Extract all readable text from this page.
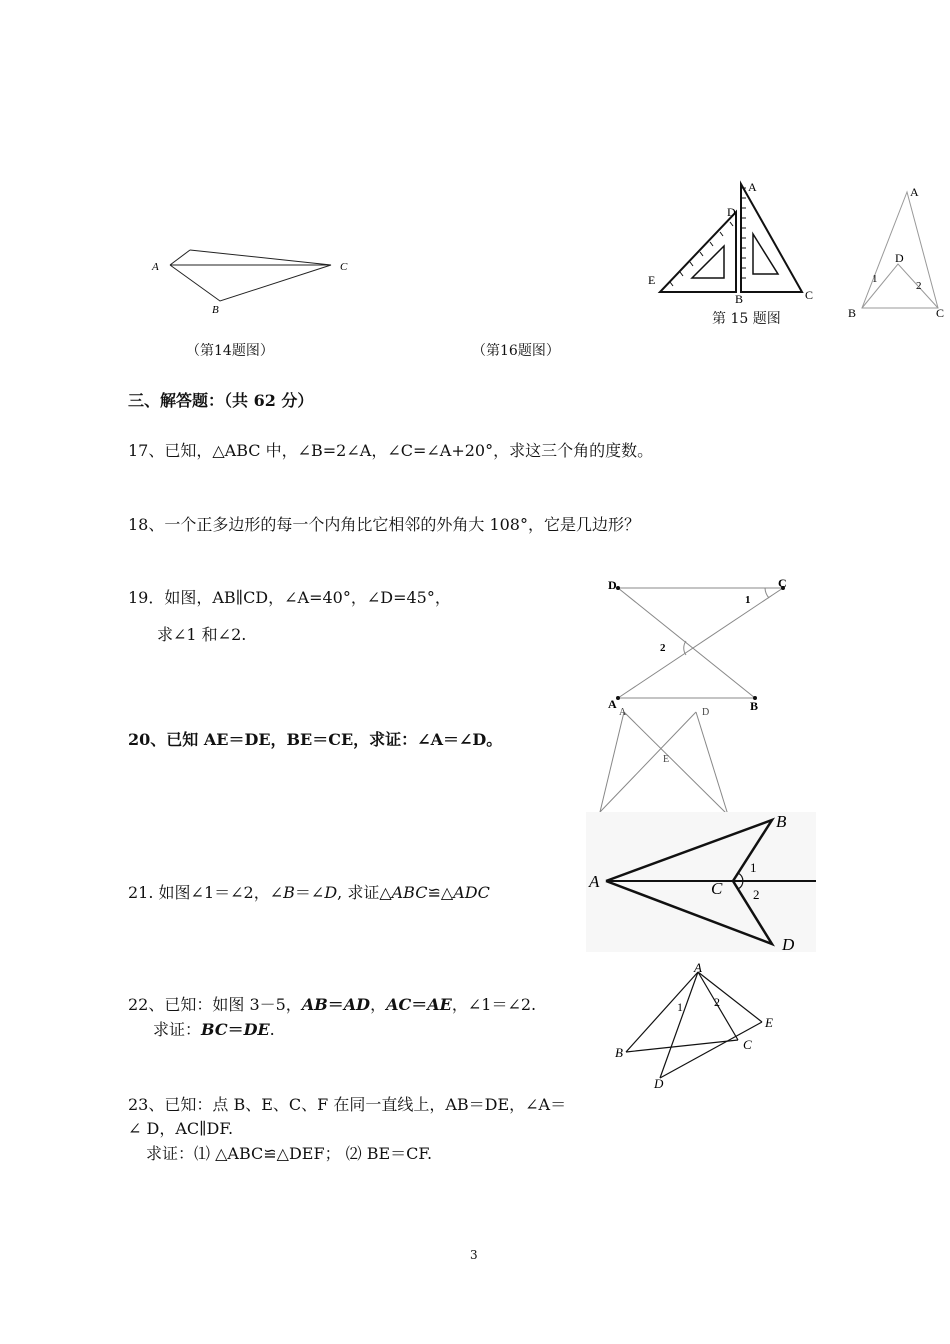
A	C
B
（第14题图）	（第16题图）
A
D
E
B	C
第 15 题图
A
D
1
2
B	C
三、解答题：（共 62 分）
17、已知，△ABC 中，∠B=2∠A，∠C=∠A+20°，求这三个角的度数。
18、一个正多边形的每一个内角比它相邻的外角大 108°，它是几边形？
19．如图，AB∥CD，∠A=40°，∠D=45°，
求∠1 和∠2.
D	C
1
2
A	B
20、已知 AE＝DE，BE＝CE，求证：∠A＝∠D。
A	D
E
21. 如图∠1＝∠2，∠B＝∠D, 求证△ABC≌△ADC
A
B
C
1
2
D
22、已知：如图 3－5，AB＝AD，AC＝AE，∠1＝∠2.
求证：BC＝DE.
A
1	2
E
C
B
D
23、已知：点 B、E、C、F 在同一直线上，AB＝DE，∠A＝
∠ D，AC∥DF.
求证：⑴ △ABC≌△DEF； ⑵ BE＝CF.
3
